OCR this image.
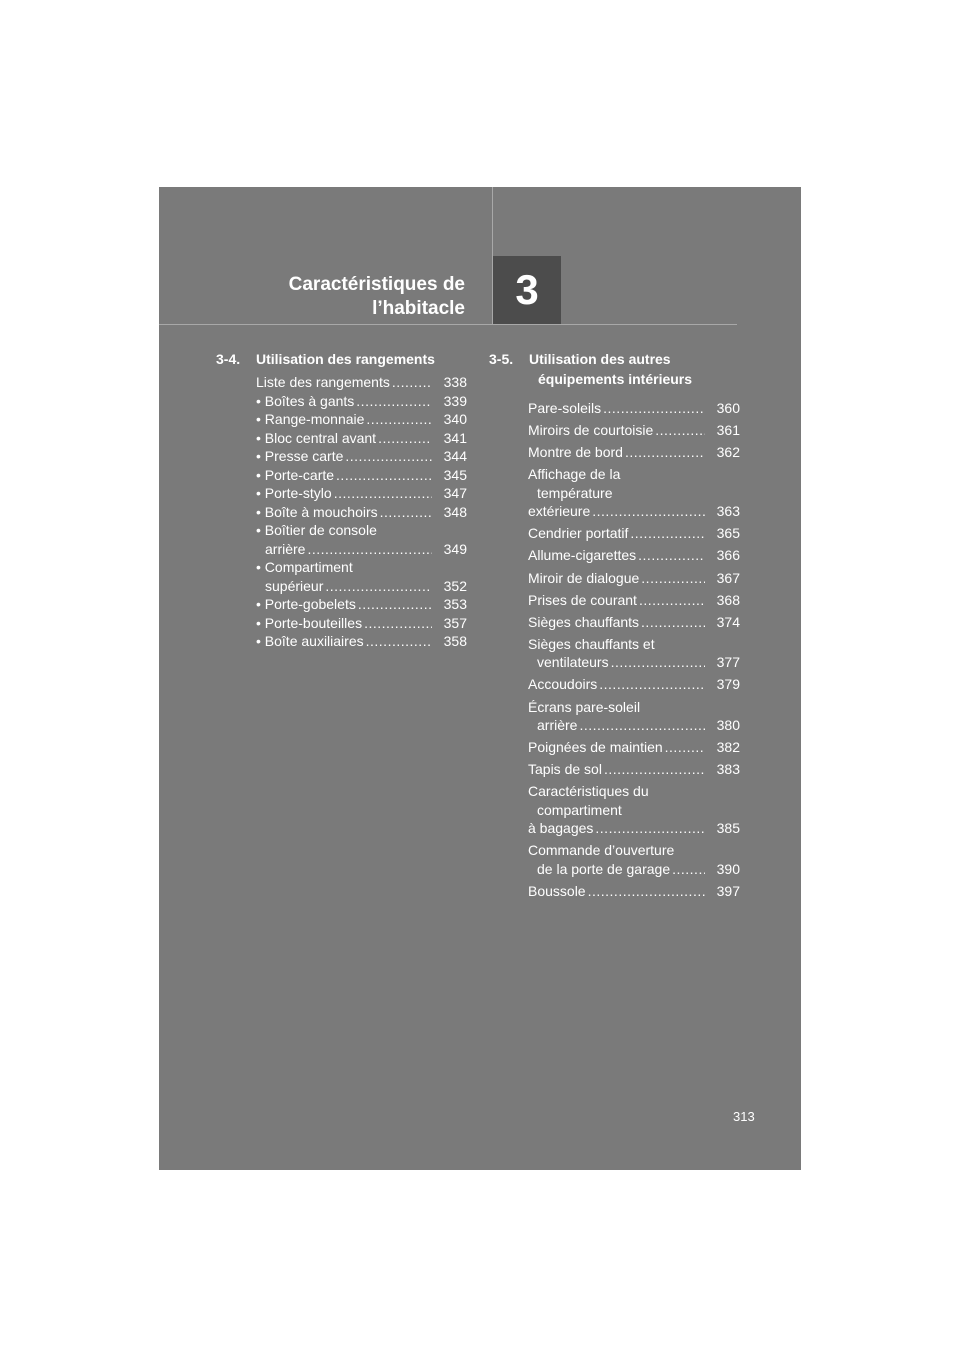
Caractéristiques de
l’habitacle	3
3-4.	Utilisation des rangements
Liste des rangements .....	338
• Boîtes à gants .....	339
• Range-monnaie .....	340
• Bloc central avant .....	341
• Presse carte .....	344
• Porte-carte .....	345
• Porte-stylo .....	347
• Boîte à mouchoirs .....	348
• Boîtier de console
arrière .....	349
• Compartiment
supérieur .....	352
• Porte-gobelets .....	353
• Porte-bouteilles .....	357
• Boîte auxiliaires .....	358
3-5.	Utilisation des autres
équipements intérieurs
Pare-soleils .....	360
Miroirs de courtoisie .....	361
Montre de bord .....	362
Affichage de la
température
extérieure .....	363
Cendrier portatif .....	365
Allume-cigarettes .....	366
Miroir de dialogue .....	367
Prises de courant .....	368
Sièges chauffants .....	374
Sièges chauffants et
ventilateurs .....	377
Accoudoirs .....	379
Écrans pare-soleil
arrière .....	380
Poignées de maintien .....	382
Tapis de sol .....	383
Caractéristiques du
compartiment
à bagages .....	385
Commande d’ouverture
de la porte de garage .....	390
Boussole .....	397
313
